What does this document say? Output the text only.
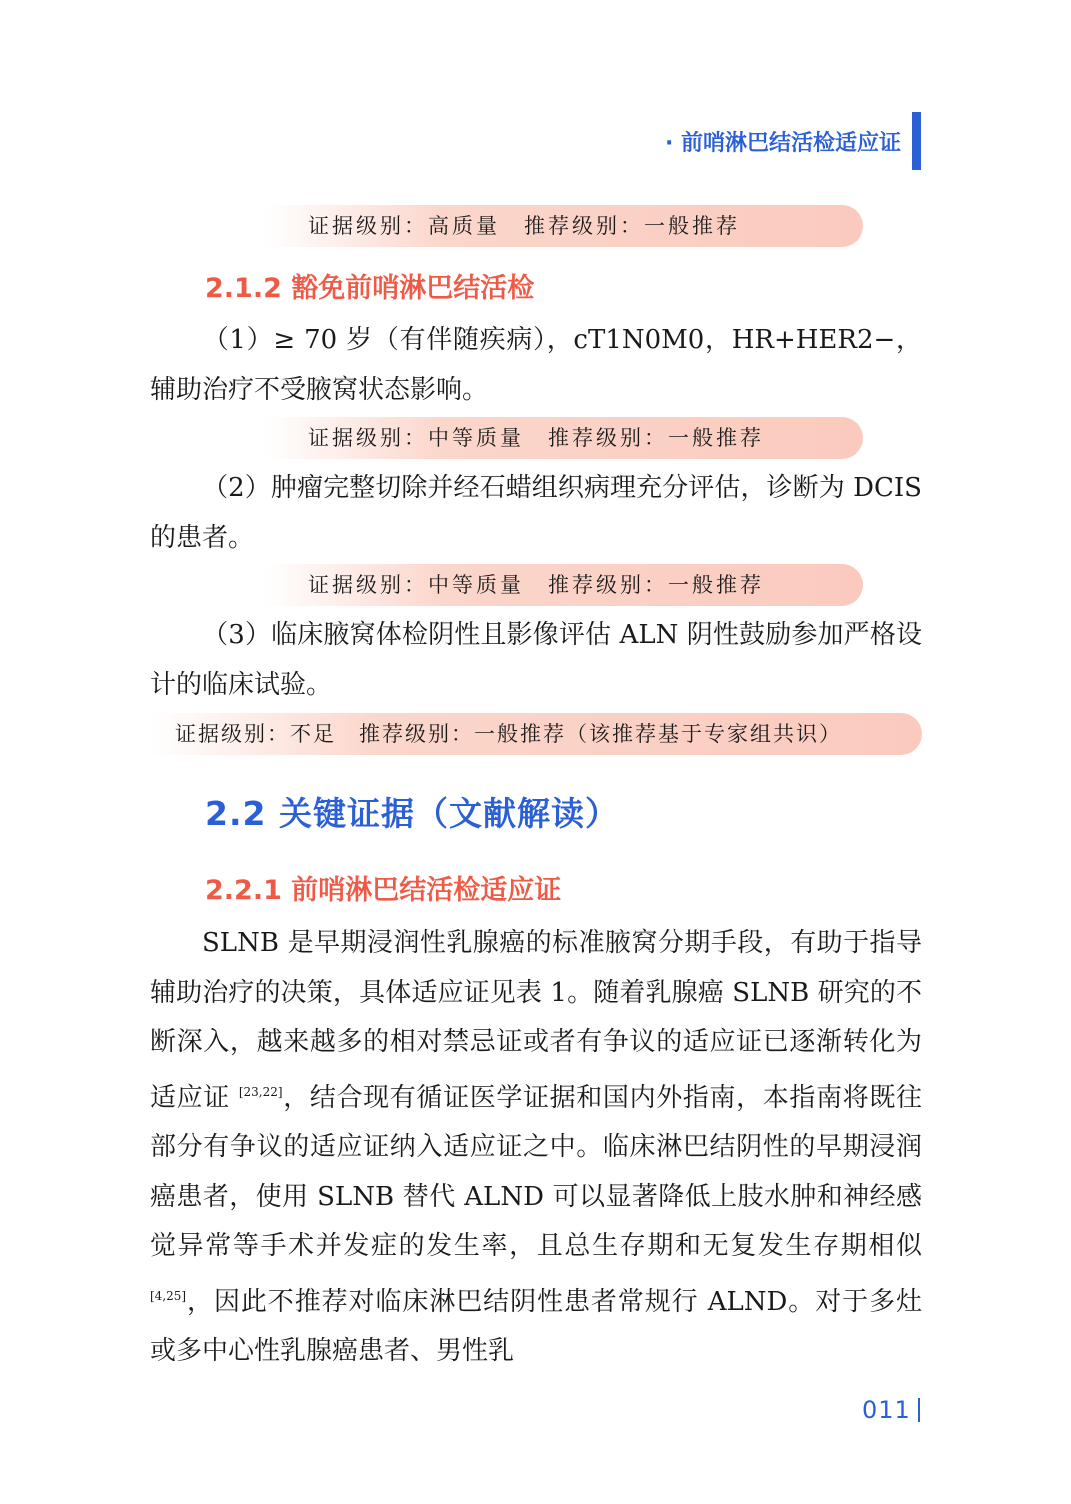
· 前哨淋巴结活检适应证
证据级别：高质量　推荐级别：一般推荐
2.1.2 豁免前哨淋巴结活检

（1）≥ 70 岁（有伴随疾病），cT1N0M0，HR+HER2−，辅助治疗不受腋窝状态影响。

证据级别：中等质量　推荐级别：一般推荐

（2）肿瘤完整切除并经石蜡组织病理充分评估，诊断为 DCIS 的患者。

证据级别：中等质量　推荐级别：一般推荐

（3）临床腋窝体检阴性且影像评估 ALN 阴性鼓励参加严格设计的临床试验。

证据级别：不足　推荐级别：一般推荐（该推荐基于专家组共识）
2.2 关键证据（文献解读）
2.2.1 前哨淋巴结活检适应证

SLNB 是早期浸润性乳腺癌的标准腋窝分期手段，有助于指导辅助治疗的决策，具体适应证见表 1。随着乳腺癌 SLNB 研究的不断深入，越来越多的相对禁忌证或者有争议的适应证已逐渐转化为适应证 [23,22]，结合现有循证医学证据和国内外指南，本指南将既往部分有争议的适应证纳入适应证之中。临床淋巴结阴性的早期浸润癌患者，使用 SLNB 替代 ALND 可以显著降低上肢水肿和神经感觉异常等手术并发症的发生率，且总生存期和无复发生存期相似 [4,25]，因此不推荐对临床淋巴结阴性患者常规行 ALND。对于多灶或多中心性乳腺癌患者、男性乳

011
